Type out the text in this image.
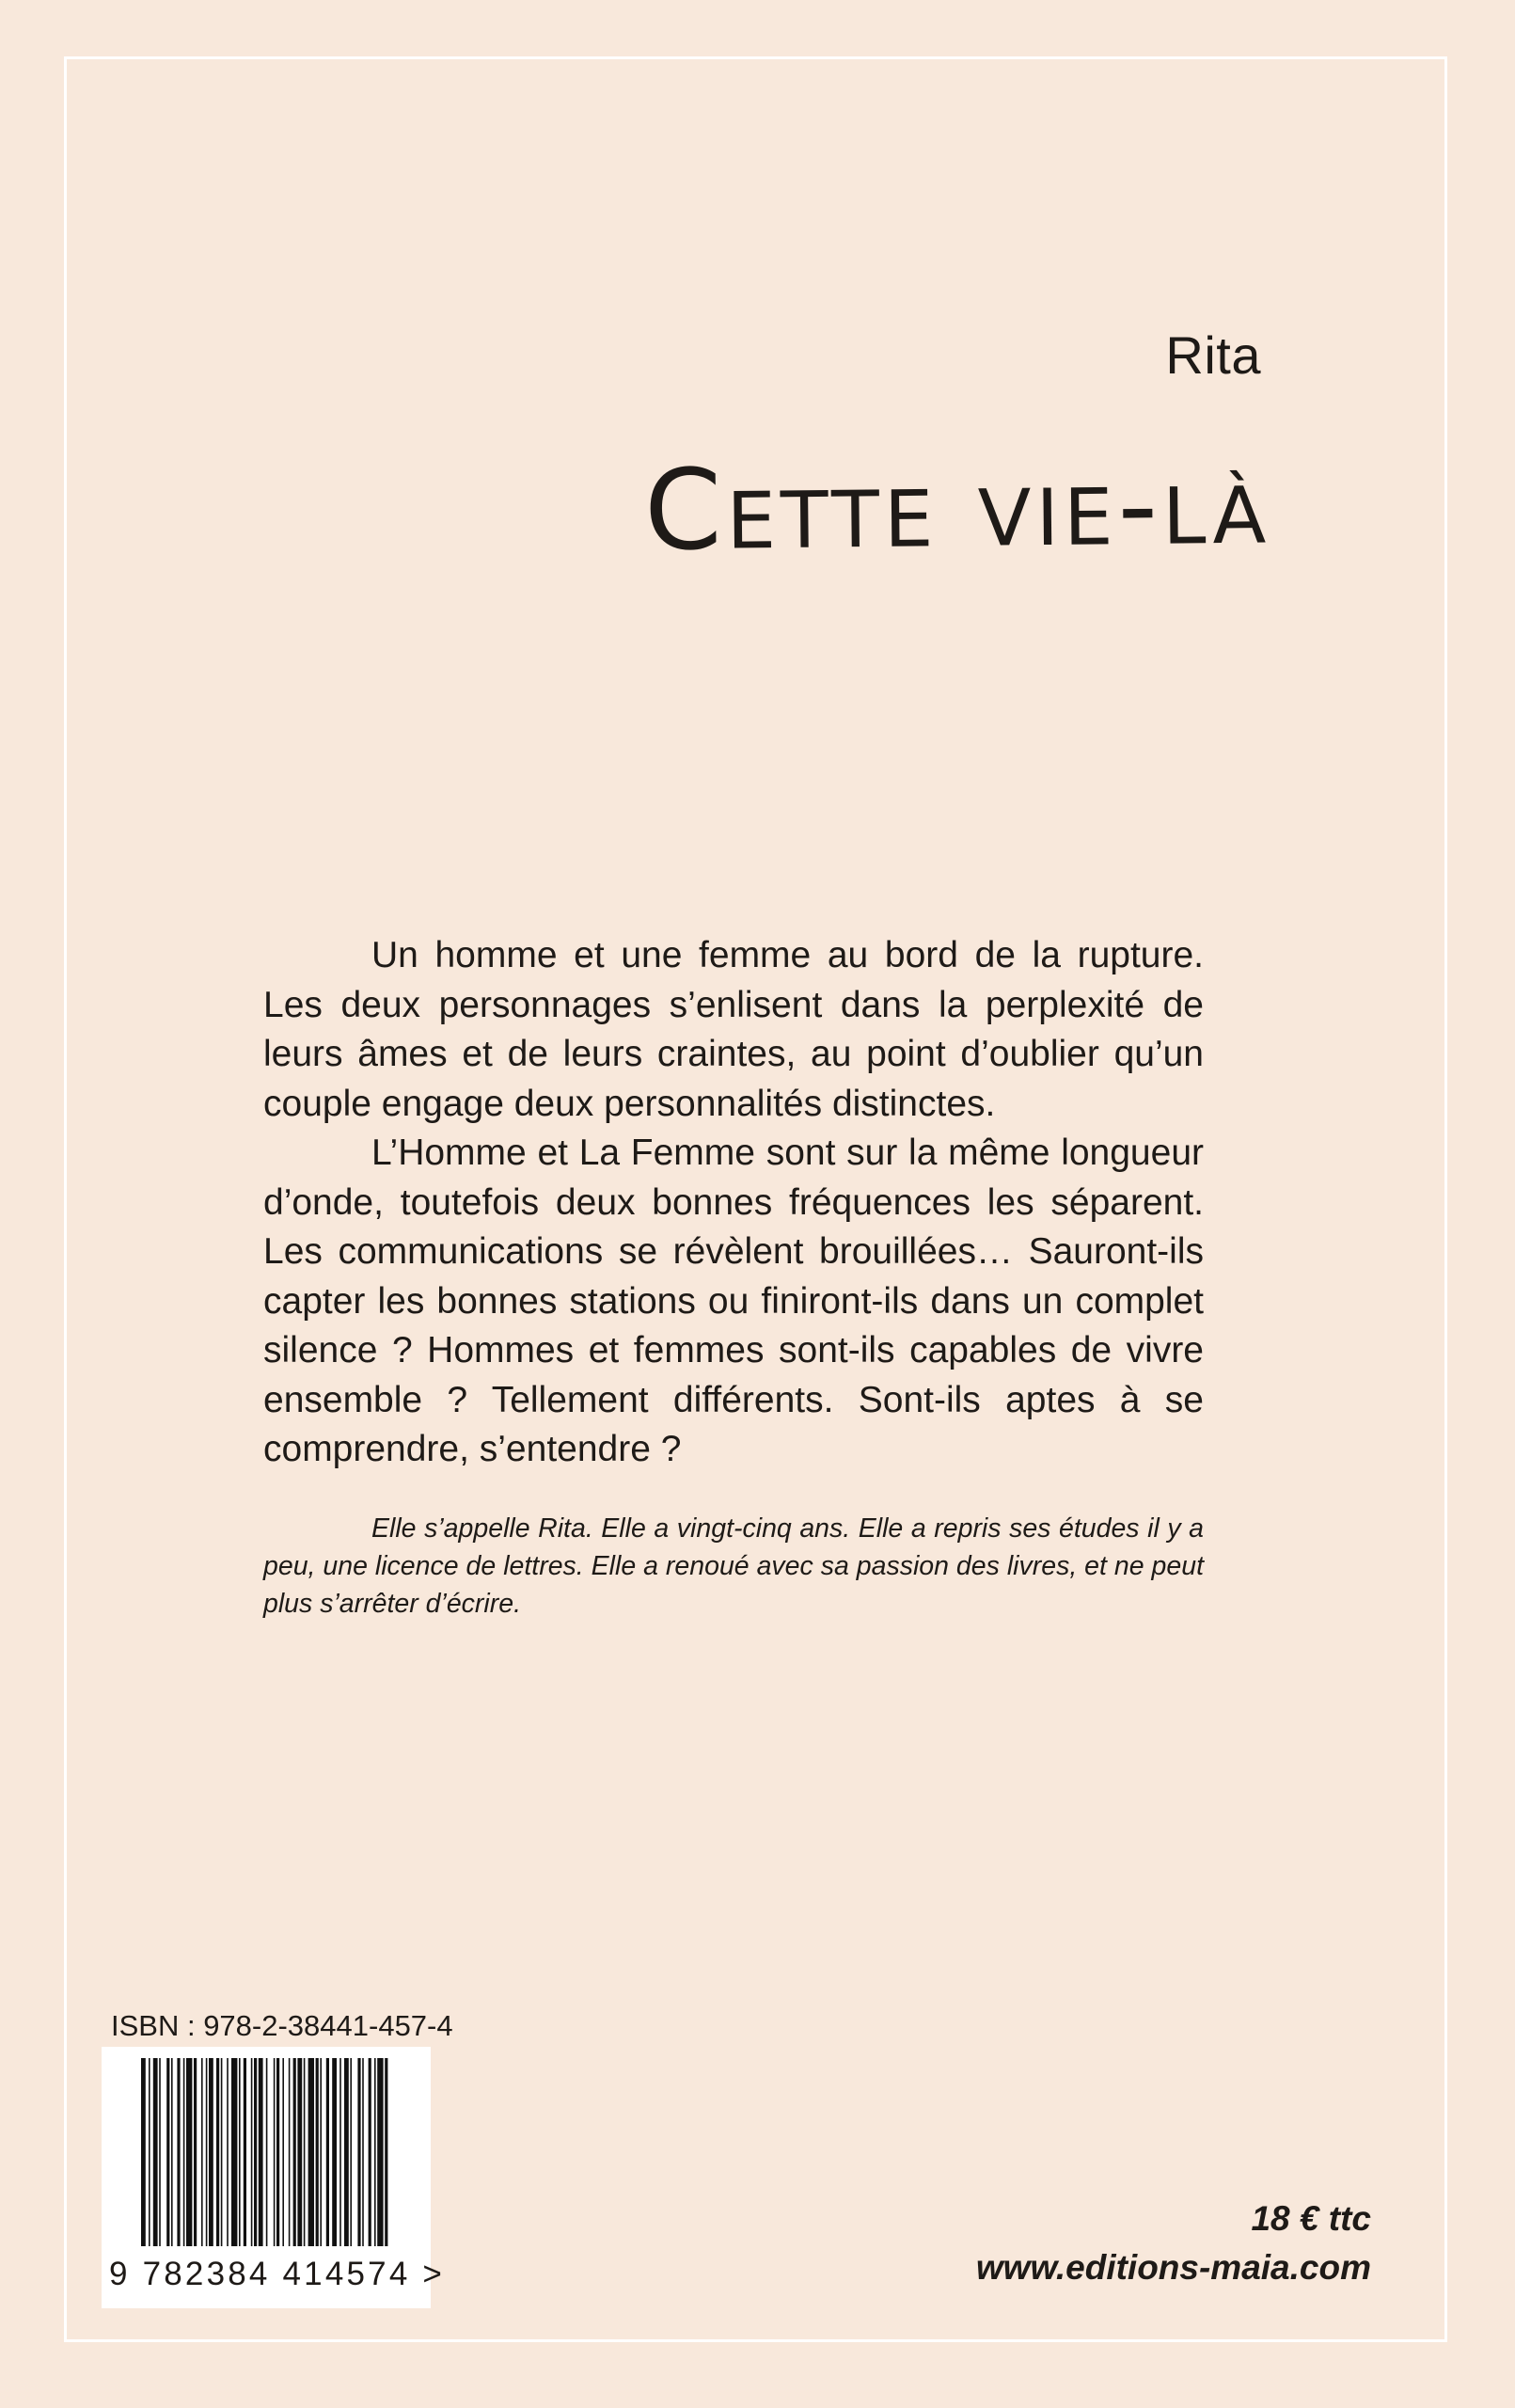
Rita
Cette vie-là

Un homme et une femme au bord de la rupture. Les deux personnages s’enlisent dans la perplexité de leurs âmes et de leurs craintes, au point d’oublier qu’un couple engage deux personnalités distinctes.

L’Homme et La Femme sont sur la même longueur d’onde, toutefois deux bonnes fréquences les séparent. Les communications se révèlent brouillées… Sauront-ils capter les bonnes stations ou finiront-ils dans un complet silence ? Hommes et femmes sont-ils capables de vivre ensemble ? Tellement différents. Sont-ils aptes à se comprendre, s’entendre ?

Elle s’appelle Rita. Elle a vingt-cinq ans. Elle a repris ses études il y a peu, une licence de lettres. Elle a renoué avec sa passion des livres, et ne peut plus s’arrêter d’écrire.

ISBN : 978-2-38441-457-4
9 782384 414574 >
18 € ttc
www.editions-maia.com
